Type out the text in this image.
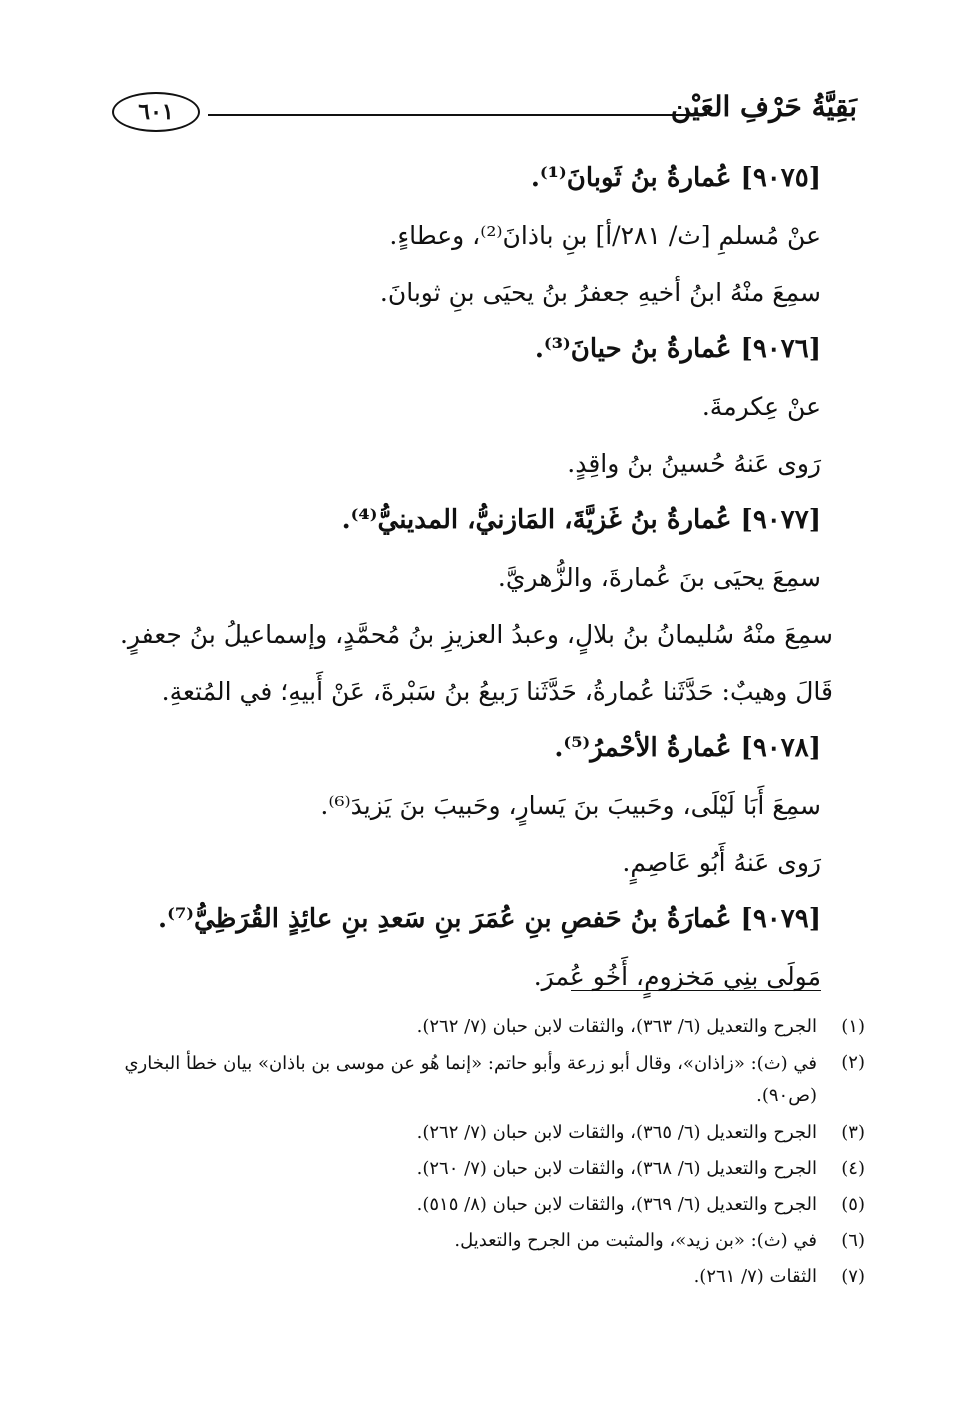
٦٠١	بَقِيَّةُ حَرْفِ العَيْن
[٩٠٧٥] عُمارةُ بنُ ثَوبانَ⁽¹⁾.
عنْ مُسلمِ [ث/ ٢٨١/أ] بنِ باذانَ⁽²⁾، وعطاءٍ.
سمِعَ منْهُ ابنُ أخيهِ جعفرُ بنُ يحيَى بنِ ثوبانَ.
[٩٠٧٦] عُمارةُ بنُ حيانَ⁽³⁾.
عنْ عِكرمةَ.
رَوى عَنهُ حُسينُ بنُ واقِدٍ.
[٩٠٧٧] عُمارةُ بنُ غَزيَّةَ، المَازنيُّ، المدينيُّ⁽⁴⁾.
سمِعَ يحيَى بنَ عُمارةَ، والزُّهريَّ.
سمِعَ منْهُ سُليمانُ بنُ بلالٍ، وعبدُ العزيزِ بنُ مُحمَّدٍ، وإسماعيلُ بنُ جعفرٍ.
قَالَ وهيبٌ: حَدَّثَنا عُمارةُ، حَدَّثَنا رَبيعُ بنُ سَبْرةَ، عَنْ أَبيهِ؛ في المُتعةِ.
[٩٠٧٨] عُمارةُ الأحْمرُ⁽⁵⁾.
سمِعَ أَبَا لَيْلَى، وحَبيبَ بنَ يَسارٍ، وحَبيبَ بنَ يَزيدَ⁽⁶⁾.
رَوى عَنهُ أَبُو عَاصِمٍ.
[٩٠٧٩] عُمارَةُ بنُ حَفصِ بنِ عُمَرَ بنِ سَعدِ بنِ عائِذٍ القُرَظِيُّ⁽⁷⁾.
مَولَى بنِي مَخزومٍ، أَخُو عُمرَ.
(١)
الجرح والتعديل (٦/ ٣٦٣)، والثقات لابن حبان (٧/ ٢٦٢).
(٢)
في (ث): «زاذان»، وقال أبو زرعة وأبو حاتم: «إنما هُو عن موسى بن باذان» بيان خطأ البخاري (ص٩٠).
(٣)
الجرح والتعديل (٦/ ٣٦٥)، والثقات لابن حبان (٧/ ٢٦٢).
(٤)
الجرح والتعديل (٦/ ٣٦٨)، والثقات لابن حبان (٧/ ٢٦٠).
(٥)
الجرح والتعديل (٦/ ٣٦٩)، والثقات لابن حبان (٨/ ٥١٥).
(٦)
في (ث): «بن زيد»، والمثبت من الجرح والتعديل.
(٧)
الثقات (٧/ ٢٦١).
